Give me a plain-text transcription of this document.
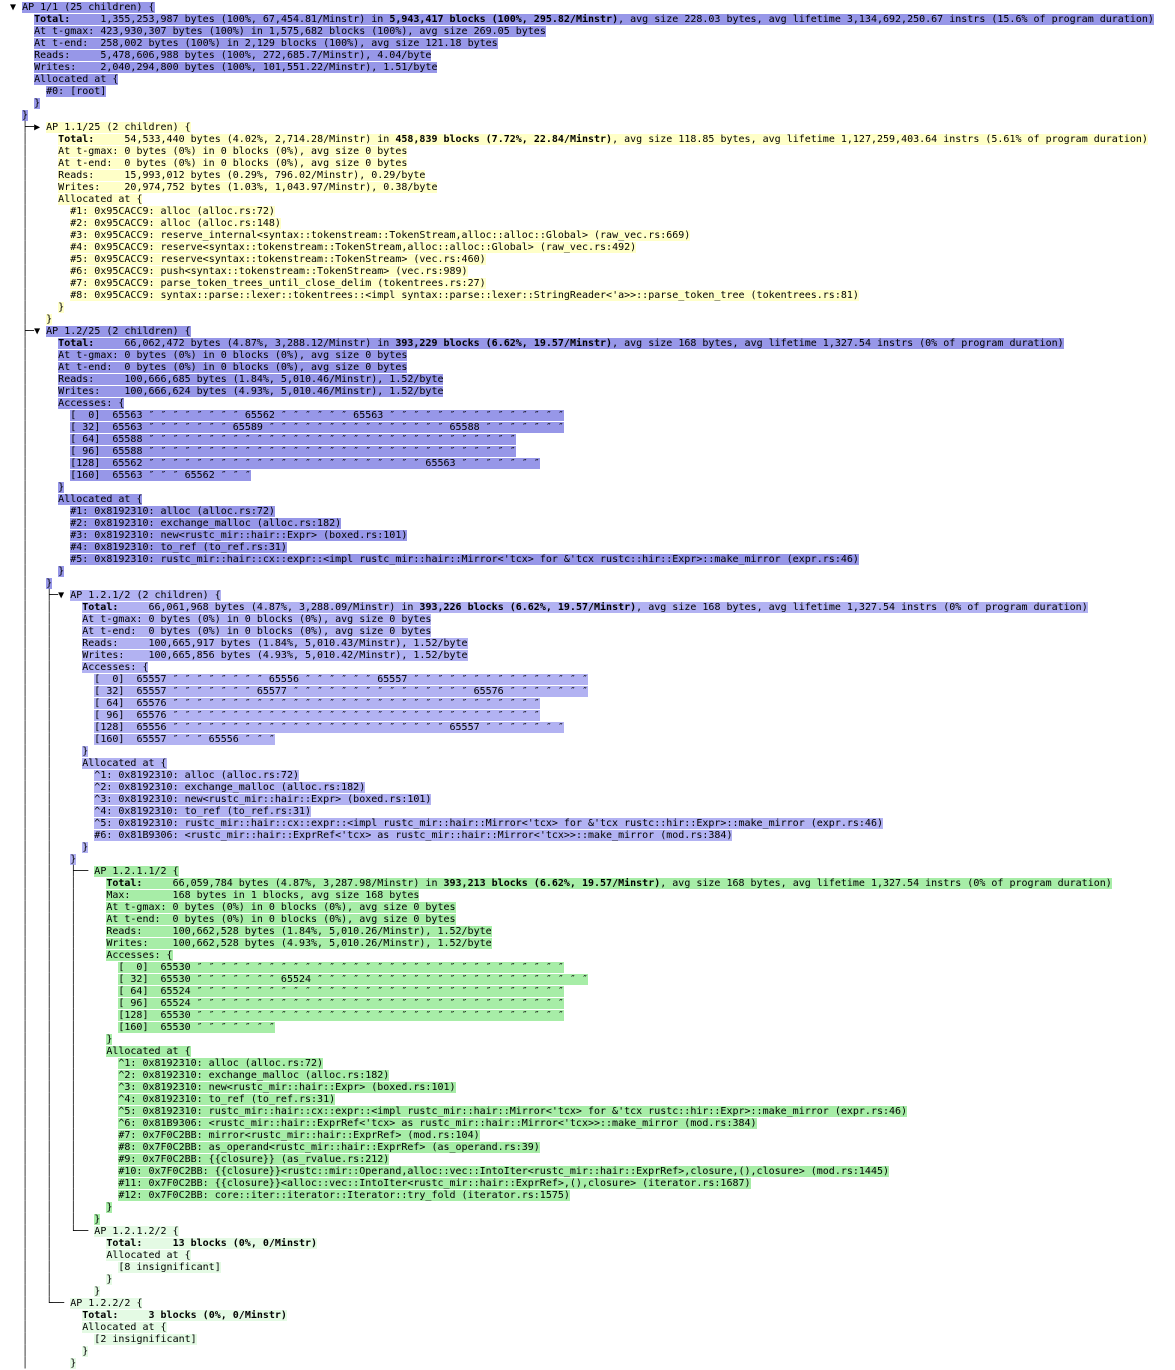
▼ AP 1/1 (25 children) {
Total:     1,355,253,987 bytes (100%, 67,454.81/Minstr) in 5,943,417 blocks (100%, 295.82/Minstr), avg size 228.03 bytes, avg lifetime 3,134,692,250.67 instrs (15.6% of program duration)
At t-gmax: 423,930,307 bytes (100%) in 1,575,682 blocks (100%), avg size 269.05 bytes
At t-end:  258,002 bytes (100%) in 2,129 blocks (100%), avg size 121.18 bytes
Reads:     5,478,606,988 bytes (100%, 272,685.7/Minstr), 4.04/byte
Writes:    2,040,294,800 bytes (100%, 101,551.22/Minstr), 1.51/byte
Allocated at {
#0: [root]
}
}
├─▶ AP 1.1/25 (2 children) {
│     Total:     54,533,440 bytes (4.02%, 2,714.28/Minstr) in 458,839 blocks (7.72%, 22.84/Minstr), avg size 118.85 bytes, avg lifetime 1,127,259,403.64 instrs (5.61% of program duration)
│     At t-gmax: 0 bytes (0%) in 0 blocks (0%), avg size 0 bytes
│     At t-end:  0 bytes (0%) in 0 blocks (0%), avg size 0 bytes
│     Reads:     15,993,012 bytes (0.29%, 796.02/Minstr), 0.29/byte
│     Writes:    20,974,752 bytes (1.03%, 1,043.97/Minstr), 0.38/byte
│     Allocated at {
│       #1: 0x95CACC9: alloc (alloc.rs:72)
│       #2: 0x95CACC9: alloc (alloc.rs:148)
│       #3: 0x95CACC9: reserve_internal<syntax::tokenstream::TokenStream,alloc::alloc::Global> (raw_vec.rs:669)
│       #4: 0x95CACC9: reserve<syntax::tokenstream::TokenStream,alloc::alloc::Global> (raw_vec.rs:492)
│       #5: 0x95CACC9: reserve<syntax::tokenstream::TokenStream> (vec.rs:460)
│       #6: 0x95CACC9: push<syntax::tokenstream::TokenStream> (vec.rs:989)
│       #7: 0x95CACC9: parse_token_trees_until_close_delim (tokentrees.rs:27)
│       #8: 0x95CACC9: syntax::parse::lexer::tokentrees::<impl syntax::parse::lexer::StringReader<'a>>::parse_token_tree (tokentrees.rs:81)
│     }
│   }
├─▼ AP 1.2/25 (2 children) {
│     Total:     66,062,472 bytes (4.87%, 3,288.12/Minstr) in 393,229 blocks (6.62%, 19.57/Minstr), avg size 168 bytes, avg lifetime 1,327.54 instrs (0% of program duration)
│     At t-gmax: 0 bytes (0%) in 0 blocks (0%), avg size 0 bytes
│     At t-end:  0 bytes (0%) in 0 blocks (0%), avg size 0 bytes
│     Reads:     100,666,685 bytes (1.84%, 5,010.46/Minstr), 1.52/byte
│     Writes:    100,666,624 bytes (4.93%, 5,010.46/Minstr), 1.52/byte
│     Accesses: {
│       [  0]  65563 ″ ″ ″ ″ ″ ″ ″ ″ 65562 ″ ″ ″ ″ ″ ″ 65563 ″ ″ ″ ″ ″ ″ ″ ″ ″ ″ ″ ″ ″ ″ ″
│       [ 32]  65563 ″ ″ ″ ″ ″ ″ ″ 65589 ″ ″ ″ ″ ″ ″ ″ ″ ″ ″ ″ ″ ″ ″ ″ 65588 ″ ″ ″ ″ ″ ″ ″
│       [ 64]  65588 ″ ″ ″ ″ ″ ″ ″ ″ ″ ″ ″ ″ ″ ″ ″ ″ ″ ″ ″ ″ ″ ″ ″ ″ ″ ″ ″ ″ ″ ″ ″
│       [ 96]  65588 ″ ″ ″ ″ ″ ″ ″ ″ ″ ″ ″ ″ ″ ″ ″ ″ ″ ″ ″ ″ ″ ″ ″ ″ ″ ″ ″ ″ ″ ″ ″
│       [128]  65562 ″ ″ ″ ″ ″ ″ ″ ″ ″ ″ ″ ″ ″ ″ ″ ″ ″ ″ ″ ″ ″ ″ ″ 65563 ″ ″ ″ ″ ″ ″ ″
│       [160]  65563 ″ ″ ″ 65562 ″ ″ ″
│     }
│     Allocated at {
│       #1: 0x8192310: alloc (alloc.rs:72)
│       #2: 0x8192310: exchange_malloc (alloc.rs:182)
│       #3: 0x8192310: new<rustc_mir::hair::Expr> (boxed.rs:101)
│       #4: 0x8192310: to_ref (to_ref.rs:31)
│       #5: 0x8192310: rustc_mir::hair::cx::expr::<impl rustc_mir::hair::Mirror<'tcx> for &'tcx rustc::hir::Expr>::make_mirror (expr.rs:46)
│     }
│   }
│   ├─▼ AP 1.2.1/2 (2 children) {
│   │     Total:     66,061,968 bytes (4.87%, 3,288.09/Minstr) in 393,226 blocks (6.62%, 19.57/Minstr), avg size 168 bytes, avg lifetime 1,327.54 instrs (0% of program duration)
│   │     At t-gmax: 0 bytes (0%) in 0 blocks (0%), avg size 0 bytes
│   │     At t-end:  0 bytes (0%) in 0 blocks (0%), avg size 0 bytes
│   │     Reads:     100,665,917 bytes (1.84%, 5,010.43/Minstr), 1.52/byte
│   │     Writes:    100,665,856 bytes (4.93%, 5,010.42/Minstr), 1.52/byte
│   │     Accesses: {
│   │       [  0]  65557 ″ ″ ″ ″ ″ ″ ″ ″ 65556 ″ ″ ″ ″ ″ ″ 65557 ″ ″ ″ ″ ″ ″ ″ ″ ″ ″ ″ ″ ″ ″ ″
│   │       [ 32]  65557 ″ ″ ″ ″ ″ ″ ″ 65577 ″ ″ ″ ″ ″ ″ ″ ″ ″ ″ ″ ″ ″ ″ ″ 65576 ″ ″ ″ ″ ″ ″ ″
│   │       [ 64]  65576 ″ ″ ″ ″ ″ ″ ″ ″ ″ ″ ″ ″ ″ ″ ″ ″ ″ ″ ″ ″ ″ ″ ″ ″ ″ ″ ″ ″ ″ ″ ″
│   │       [ 96]  65576 ″ ″ ″ ″ ″ ″ ″ ″ ″ ″ ″ ″ ″ ″ ″ ″ ″ ″ ″ ″ ″ ″ ″ ″ ″ ″ ″ ″ ″ ″ ″
│   │       [128]  65556 ″ ″ ″ ″ ″ ″ ″ ″ ″ ″ ″ ″ ″ ″ ″ ″ ″ ″ ″ ″ ″ ″ ″ 65557 ″ ″ ″ ″ ″ ″ ″
│   │       [160]  65557 ″ ″ ″ 65556 ″ ″ ″
│   │     }
│   │     Allocated at {
│   │       ^1: 0x8192310: alloc (alloc.rs:72)
│   │       ^2: 0x8192310: exchange_malloc (alloc.rs:182)
│   │       ^3: 0x8192310: new<rustc_mir::hair::Expr> (boxed.rs:101)
│   │       ^4: 0x8192310: to_ref (to_ref.rs:31)
│   │       ^5: 0x8192310: rustc_mir::hair::cx::expr::<impl rustc_mir::hair::Mirror<'tcx> for &'tcx rustc::hir::Expr>::make_mirror (expr.rs:46)
│   │       #6: 0x81B9306: <rustc_mir::hair::ExprRef<'tcx> as rustc_mir::hair::Mirror<'tcx>>::make_mirror (mod.rs:384)
│   │     }
│   │   }
│   │   ├── AP 1.2.1.1/2 {
│   │   │     Total:     66,059,784 bytes (4.87%, 3,287.98/Minstr) in 393,213 blocks (6.62%, 19.57/Minstr), avg size 168 bytes, avg lifetime 1,327.54 instrs (0% of program duration)
│   │   │     Max:       168 bytes in 1 blocks, avg size 168 bytes
│   │   │     At t-gmax: 0 bytes (0%) in 0 blocks (0%), avg size 0 bytes
│   │   │     At t-end:  0 bytes (0%) in 0 blocks (0%), avg size 0 bytes
│   │   │     Reads:     100,662,528 bytes (1.84%, 5,010.26/Minstr), 1.52/byte
│   │   │     Writes:    100,662,528 bytes (4.93%, 5,010.26/Minstr), 1.52/byte
│   │   │     Accesses: {
│   │   │       [  0]  65530 ″ ″ ″ ″ ″ ″ ″ ″ ″ ″ ″ ″ ″ ″ ″ ″ ″ ″ ″ ″ ″ ″ ″ ″ ″ ″ ″ ″ ″ ″ ″
│   │   │       [ 32]  65530 ″ ″ ″ ″ ″ ″ ″ 65524 ″ ″ ″ ″ ″ ″ ″ ″ ″ ″ ″ ″ ″ ″ ″ ″ ″ ″ ″ ″ ″ ″ ″
│   │   │       [ 64]  65524 ″ ″ ″ ″ ″ ″ ″ ″ ″ ″ ″ ″ ″ ″ ″ ″ ″ ″ ″ ″ ″ ″ ″ ″ ″ ″ ″ ″ ″ ″ ″
│   │   │       [ 96]  65524 ″ ″ ″ ″ ″ ″ ″ ″ ″ ″ ″ ″ ″ ″ ″ ″ ″ ″ ″ ″ ″ ″ ″ ″ ″ ″ ″ ″ ″ ″ ″
│   │   │       [128]  65530 ″ ″ ″ ″ ″ ″ ″ ″ ″ ″ ″ ″ ″ ″ ″ ″ ″ ″ ″ ″ ″ ″ ″ ″ ″ ″ ″ ″ ″ ″ ″
│   │   │       [160]  65530 ″ ″ ″ ″ ″ ″ ″
│   │   │     }
│   │   │     Allocated at {
│   │   │       ^1: 0x8192310: alloc (alloc.rs:72)
│   │   │       ^2: 0x8192310: exchange_malloc (alloc.rs:182)
│   │   │       ^3: 0x8192310: new<rustc_mir::hair::Expr> (boxed.rs:101)
│   │   │       ^4: 0x8192310: to_ref (to_ref.rs:31)
│   │   │       ^5: 0x8192310: rustc_mir::hair::cx::expr::<impl rustc_mir::hair::Mirror<'tcx> for &'tcx rustc::hir::Expr>::make_mirror (expr.rs:46)
│   │   │       ^6: 0x81B9306: <rustc_mir::hair::ExprRef<'tcx> as rustc_mir::hair::Mirror<'tcx>>::make_mirror (mod.rs:384)
│   │   │       #7: 0x7F0C2BB: mirror<rustc_mir::hair::ExprRef> (mod.rs:104)
│   │   │       #8: 0x7F0C2BB: as_operand<rustc_mir::hair::ExprRef> (as_operand.rs:39)
│   │   │       #9: 0x7F0C2BB: {{closure}} (as_rvalue.rs:212)
│   │   │       #10: 0x7F0C2BB: {{closure}}<rustc::mir::Operand,alloc::vec::IntoIter<rustc_mir::hair::ExprRef>,closure,(),closure> (mod.rs:1445)
│   │   │       #11: 0x7F0C2BB: {{closure}}<alloc::vec::IntoIter<rustc_mir::hair::ExprRef>,(),closure> (iterator.rs:1687)
│   │   │       #12: 0x7F0C2BB: core::iter::iterator::Iterator::try_fold (iterator.rs:1575)
│   │   │     }
│   │   │   }
│   │   └── AP 1.2.1.2/2 {
│   │         Total:     13 blocks (0%, 0/Minstr)
│   │         Allocated at {
│   │           [8 insignificant]
│   │         }
│   │       }
│   └── AP 1.2.2/2 {
│         Total:     3 blocks (0%, 0/Minstr)
│         Allocated at {
│           [2 insignificant]
│         }
│       }
